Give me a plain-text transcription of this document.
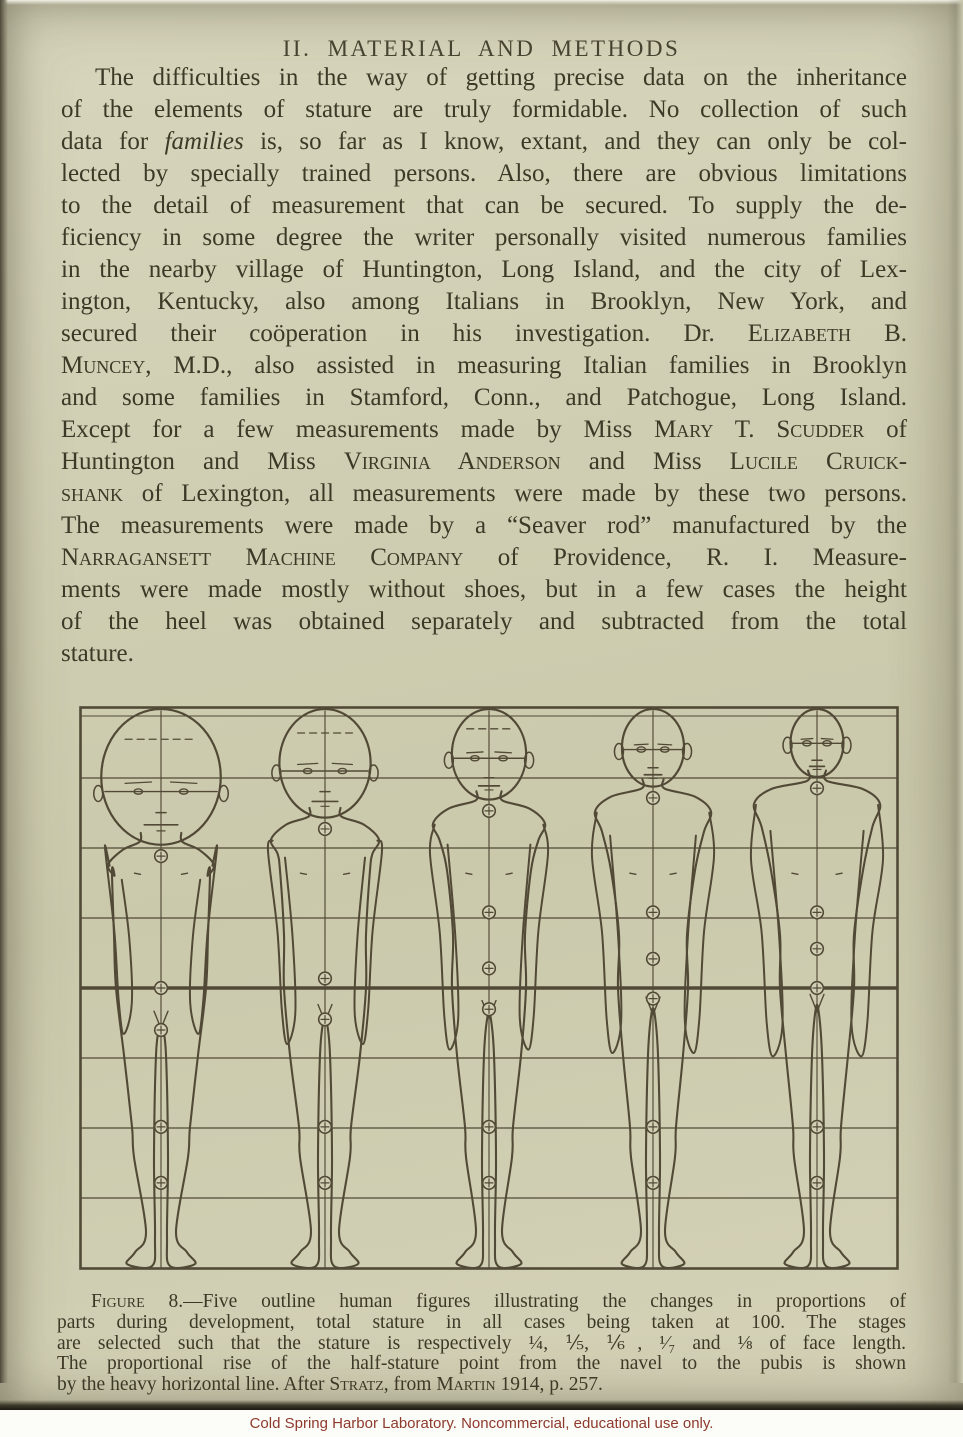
II. MATERIAL AND METHODS
The difficulties in the way of getting precise data on the inheritance
of the elements of stature are truly formidable. No collection of such
data for families is, so far as I know, extant, and they can only be col-
lected by specially trained persons. Also, there are obvious limitations
to the detail of measurement that can be secured. To supply the de-
ficiency in some degree the writer personally visited numerous families
in the nearby village of Huntington, Long Island, and the city of Lex-
ington, Kentucky, also among Italians in Brooklyn, New York, and
secured their coöperation in his investigation. Dr. Elizabeth B.
Muncey, M.D., also assisted in measuring Italian families in Brooklyn
and some families in Stamford, Conn., and Patchogue, Long Island.
Except for a few measurements made by Miss Mary T. Scudder of
Huntington and Miss Virginia Anderson and Miss Lucile Cruick-
shank of Lexington, all measurements were made by these two persons.
The measurements were made by a “Seaver rod” manufactured by the
Narragansett Machine Company of Providence, R. I. Measure-
ments were made mostly without shoes, but in a few cases the height
of the heel was obtained separately and subtracted from the total
stature.
Figure 8.—Five outline human figures illustrating the changes in proportions of
parts during development, total stature in all cases being taken at 100. The stages
are selected such that the stature is respectively ¼, ⅕, ⅙, ¹⁄₇ and ⅛ of face length.
The proportional rise of the half-stature point from the navel to the pubis is shown
by the heavy horizontal line. After Stratz, from Martin 1914, p. 257.
Cold Spring Harbor Laboratory. Noncommercial, educational use only.
